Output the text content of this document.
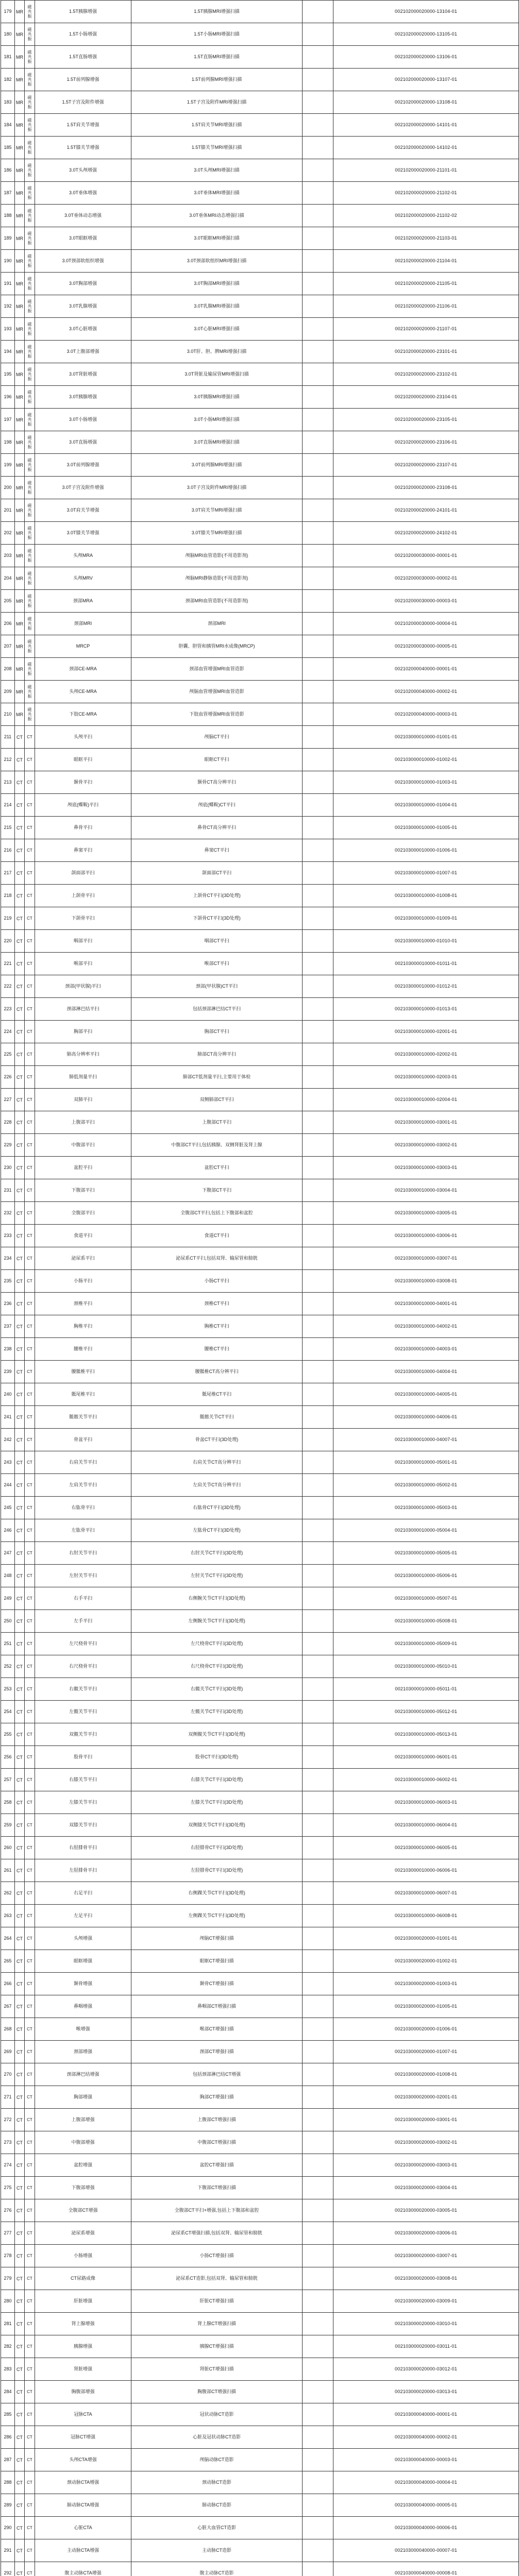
179	MR	磁共振	1.5T胰腺增强	1.5T胰腺MRI增强扫描		002102000020000-13104-01
180	MR	磁共振	1.5T小肠增强	1.5T小肠MRI增强扫描		002102000020000-13105-01
181	MR	磁共振	1.5T直肠增强	1.5T直肠MRI增强扫描		002102000020000-13106-01
182	MR	磁共振	1.5T前列腺增强	1.5T前列腺MRI增强扫描		002102000020000-13107-01
183	MR	磁共振	1.5T子宫及附件增强	1.5T子宫及附件MRI增强扫描		002102000020000-13108-01
184	MR	磁共振	1.5T肩关节增强	1.5T肩关节MRI增强扫描		002102000020000-14101-01
185	MR	磁共振	1.5T膝关节增强	1.5T膝关节MRI增强扫描		002102000020000-14102-01
186	MR	磁共振	3.0T头颅增强	3.0T头颅MRI增强扫描		002102000020000-21101-01
187	MR	磁共振	3.0T垂体增强	3.0T垂体MRI增强扫描		002102000020000-21102-01
188	MR	磁共振	3.0T垂体动态增强	3.0T垂体MRI动态增强扫描		002102000020000-21102-02
189	MR	磁共振	3.0T眼眶增强	3.0T眼眶MRI增强扫描		002102000020000-21103-01
190	MR	磁共振	3.0T颈部软组织增强	3.0T颈部软组织MRI增强扫描		002102000020000-21104-01
191	MR	磁共振	3.0T胸部增强	3.0T胸部MRI增强扫描		002102000020000-21105-01
192	MR	磁共振	3.0T乳腺增强	3.0T乳腺MRI增强扫描		002102000020000-21106-01
193	MR	磁共振	3.0T心脏增强	3.0T心脏MRI增强扫描		002102000020000-21107-01
194	MR	磁共振	3.0T上腹部增强	3.0T肝、胆、脾MRI增强扫描		002102000020000-23101-01
195	MR	磁共振	3.0T肾脏增强	3.0T肾脏及输尿管MRI增强扫描		002102000020000-23102-01
196	MR	磁共振	3.0T胰腺增强	3.0T胰腺MRI增强扫描		002102000020000-23104-01
197	MR	磁共振	3.0T小肠增强	3.0T小肠MRI增强扫描		002102000020000-23105-01
198	MR	磁共振	3.0T直肠增强	3.0T直肠MRI增强扫描		002102000020000-23106-01
199	MR	磁共振	3.0T前列腺增强	3.0T前列腺MRI增强扫描		002102000020000-23107-01
200	MR	磁共振	3.0T子宫及附件增强	3.0T子宫及附件MRI增强扫描		002102000020000-23108-01
201	MR	磁共振	3.0T肩关节增强	3.0T肩关节MRI增强扫描		002102000020000-24101-01
202	MR	磁共振	3.0T膝关节增强	3.0T膝关节MRI增强扫描		002102000020000-24102-01
203	MR	磁共振	头颅MRA	颅脑MRI血管造影(不用造影剂)		002102000030000-00001-01
204	MR	磁共振	头颅MRV	颅脑MRI静脉造影(不用造影剂)		002102000030000-00002-01
205	MR	磁共振	颈部MRA	颈部MRI血管造影(不用造影剂)		002102000030000-00003-01
206	MR	磁共振	颈部MRI	颈部MRI		002102000030000-00004-01
207	MR	磁共振	MRCP	胆囊、胆管和胰管MRI水成像(MRCP)		002102000030000-00005-01
208	MR	磁共振	颈部CE-MRA	颈部血管增强MRI血管造影		002102000040000-00001-01
209	MR	磁共振	头颅CE-MRA	颅脑血管增强MRI血管造影		002102000040000-00002-01
210	MR	磁共振	下肢CE-MRA	下肢血管增强MRI血管造影		002102000040000-00003-01
211	CT	CT	头颅平扫	颅脑CT平扫		002103000010000-01001-01
212	CT	CT	眼眶平扫	眼眶CT平扫		002103000010000-01002-01
213	CT	CT	颞骨平扫	颞骨CT高分辨平扫		002103000010000-01003-01
214	CT	CT	颅底(蝶鞍)平扫	颅底(蝶鞍)CT平扫		002103000010000-01004-01
215	CT	CT	鼻骨平扫	鼻骨CT高分辨平扫		002103000010000-01005-01
216	CT	CT	鼻窦平扫	鼻窦CT平扫		002103000010000-01006-01
217	CT	CT	颌面部平扫	颌面部CT平扫		002103000010000-01007-01
218	CT	CT	上颌骨平扫	上颌骨CT平扫(3D处理)		002103000010000-01008-01
219	CT	CT	下颌骨平扫	下颌骨CT平扫(3D处理)		002103000010000-01009-01
220	CT	CT	咽部平扫	咽部CT平扫		002103000010000-01010-01
221	CT	CT	喉部平扫	喉部CT平扫		002103000010000-01011-01
222	CT	CT	颈部(甲状腺)平扫	颈部(甲状腺)CT平扫		002103000010000-01012-01
223	CT	CT	颈部淋巴结平扫	包括颈部淋巴结CT平扫		002103000010000-01013-01
224	CT	CT	胸部平扫	胸部CT平扫		002103000010000-02001-01
225	CT	CT	肺高分辨率平扫	肺部CT高分辨平扫		002103000010000-02002-01
226	CT	CT	肺低剂量平扫	肺部CT低剂量平扫,主要用于体检		002103000010000-02003-01
227	CT	CT	双肺平扫	双侧肺部CT平扫		002103000010000-02004-01
228	CT	CT	上腹部平扫	上腹部CT平扫		002103000010000-03001-01
229	CT	CT	中腹部平扫	中腹部CT平扫,包括胰腺、双侧肾脏及肾上腺		002103000010000-03002-01
230	CT	CT	盆腔平扫	盆腔CT平扫		002103000010000-03003-01
231	CT	CT	下腹部平扫	下腹部CT平扫		002103000010000-03004-01
232	CT	CT	全腹部平扫	全腹部CT平扫,包括上下腹部和盆腔		002103000010000-03005-01
233	CT	CT	食道平扫	食道CT平扫		002103000010000-03006-01
234	CT	CT	泌尿系平扫	泌尿系CT平扫,包括双肾、输尿管和膀胱		002103000010000-03007-01
235	CT	CT	小肠平扫	小肠CT平扫		002103000010000-03008-01
236	CT	CT	颈椎平扫	颈椎CT平扫		002103000010000-04001-01
237	CT	CT	胸椎平扫	胸椎CT平扫		002103000010000-04002-01
238	CT	CT	腰椎平扫	腰椎CT平扫		002103000010000-04003-01
239	CT	CT	腰骶椎平扫	腰骶椎CT高分辨平扫		002103000010000-04004-01
240	CT	CT	骶尾椎平扫	骶尾椎CT平扫		002103000010000-04005-01
241	CT	CT	骶髂关节平扫	骶髂关节CT平扫		002103000010000-04006-01
242	CT	CT	骨盆平扫	骨盆CT平扫(3D处理)		002103000010000-04007-01
243	CT	CT	右肩关节平扫	右肩关节CT高分辨平扫		002103000010000-05001-01
244	CT	CT	左肩关节平扫	左肩关节CT高分辨平扫		002103000010000-05002-01
245	CT	CT	右肱骨平扫	右肱骨CT平扫(3D处理)		002103000010000-05003-01
246	CT	CT	左肱骨平扫	左肱骨CT平扫(3D处理)		002103000010000-05004-01
247	CT	CT	右肘关节平扫	右肘关节CT平扫(3D处理)		002103000010000-05005-01
248	CT	CT	左肘关节平扫	左肘关节CT平扫(3D处理)		002103000010000-05006-01
249	CT	CT	右手平扫	右侧腕关节CT平扫(3D处理)		002103000010000-05007-01
250	CT	CT	左手平扫	左侧腕关节CT平扫(3D处理)		002103000010000-05008-01
251	CT	CT	左尺桡骨平扫	左尺桡骨CT平扫(3D处理)		002103000010000-05009-01
252	CT	CT	右尺桡骨平扫	右尺桡骨CT平扫(3D处理)		002103000010000-05010-01
253	CT	CT	右髋关节平扫	右髋关节CT平扫(3D处理)		002103000010000-05011-01
254	CT	CT	左髋关节平扫	左髋关节CT平扫(3D处理)		002103000010000-05012-01
255	CT	CT	双髋关节平扫	双侧髋关节CT平扫(3D处理)		002103000010000-05013-01
256	CT	CT	股骨平扫	股骨CT平扫(3D处理)		002103000010000-06001-01
257	CT	CT	右膝关节平扫	右膝关节CT平扫(3D处理)		002103000010000-06002-01
258	CT	CT	左膝关节平扫	左膝关节CT平扫(3D处理)		002103000010000-06003-01
259	CT	CT	双膝关节平扫	双侧膝关节CT平扫(3D处理)		002103000010000-06004-01
260	CT	CT	右胫腓骨平扫	右胫腓骨CT平扫(3D处理)		002103000010000-06005-01
261	CT	CT	左胫腓骨平扫	左胫腓骨CT平扫(3D处理)		002103000010000-06006-01
262	CT	CT	右足平扫	右侧踝关节CT平扫(3D处理)		002103000010000-06007-01
263	CT	CT	左足平扫	左侧踝关节CT平扫(3D处理)		002103000010000-06008-01
264	CT	CT	头颅增强	颅脑CT增强扫描		002103000020000-01001-01
265	CT	CT	眼眶增强	眼眶CT增强扫描		002103000020000-01002-01
266	CT	CT	颞骨增强	颞骨CT增强扫描		002103000020000-01003-01
267	CT	CT	鼻咽增强	鼻咽部CT增强扫描		002103000020000-01005-01
268	CT	CT	喉增强	喉部CT增强扫描		002103000020000-01006-01
269	CT	CT	颈部增强	颈部CT增强扫描		002103000020000-01007-01
270	CT	CT	颈部淋巴结增强	包括颈部淋巴结CT增强		002103000020000-01008-01
271	CT	CT	胸部增强	胸部CT增强扫描		002103000020000-02001-01
272	CT	CT	上腹部增强	上腹部CT增强扫描		002103000020000-03001-01
273	CT	CT	中腹部增强	中腹部CT增强扫描		002103000020000-03002-01
274	CT	CT	盆腔增强	盆腔CT增强扫描		002103000020000-03003-01
275	CT	CT	下腹部增强	下腹部CT增强扫描		002103000020000-03004-01
276	CT	CT	全腹部CT增强	全腹部CT平扫+增强,包括上下腹部和盆腔		002103000020000-03005-01
277	CT	CT	泌尿系增强	泌尿系CT增强扫描,包括双肾、输尿管和膀胱		002103000020000-03006-01
278	CT	CT	小肠增强	小肠CT增强扫描		002103000020000-03007-01
279	CT	CT	CT尿路成像	泌尿系CT造影,包括双肾、输尿管和膀胱		002103000020000-03008-01
280	CT	CT	肝脏增强	肝脏CT增强扫描		002103000020000-03009-01
281	CT	CT	肾上腺增强	肾上腺CT增强扫描		002103000020000-03010-01
282	CT	CT	胰腺增强	胰腺CT增强扫描		002103000020000-03011-01
283	CT	CT	肾脏增强	肾脏CT增强扫描		002103000020000-03012-01
284	CT	CT	胸腹部增强	胸腹部CT增强扫描		002103000020000-03013-01
285	CT	CT	冠脉CTA	冠状动脉CT造影		002103000040000-00001-01
286	CT	CT	冠脉CT增强	心脏及冠状动脉CT造影		002103000040000-00002-01
287	CT	CT	头颅CTA增强	颅脑动脉CT造影		002103000040000-00003-01
288	CT	CT	颈动脉CTA增强	颈动脉CT造影		002103000040000-00004-01
289	CT	CT	肺动脉CTA增强	肺动脉CT造影		002103000040000-00005-01
290	CT	CT	心脏CTA	心脏大血管CT造影		002103000040000-00006-01
291	CT	CT	主动脉CTA增强	主动脉CT造影		002103000040000-00007-01
292	CT	CT	腹主动脉CTA增强	腹主动脉CT造影		002103000040000-00008-01
